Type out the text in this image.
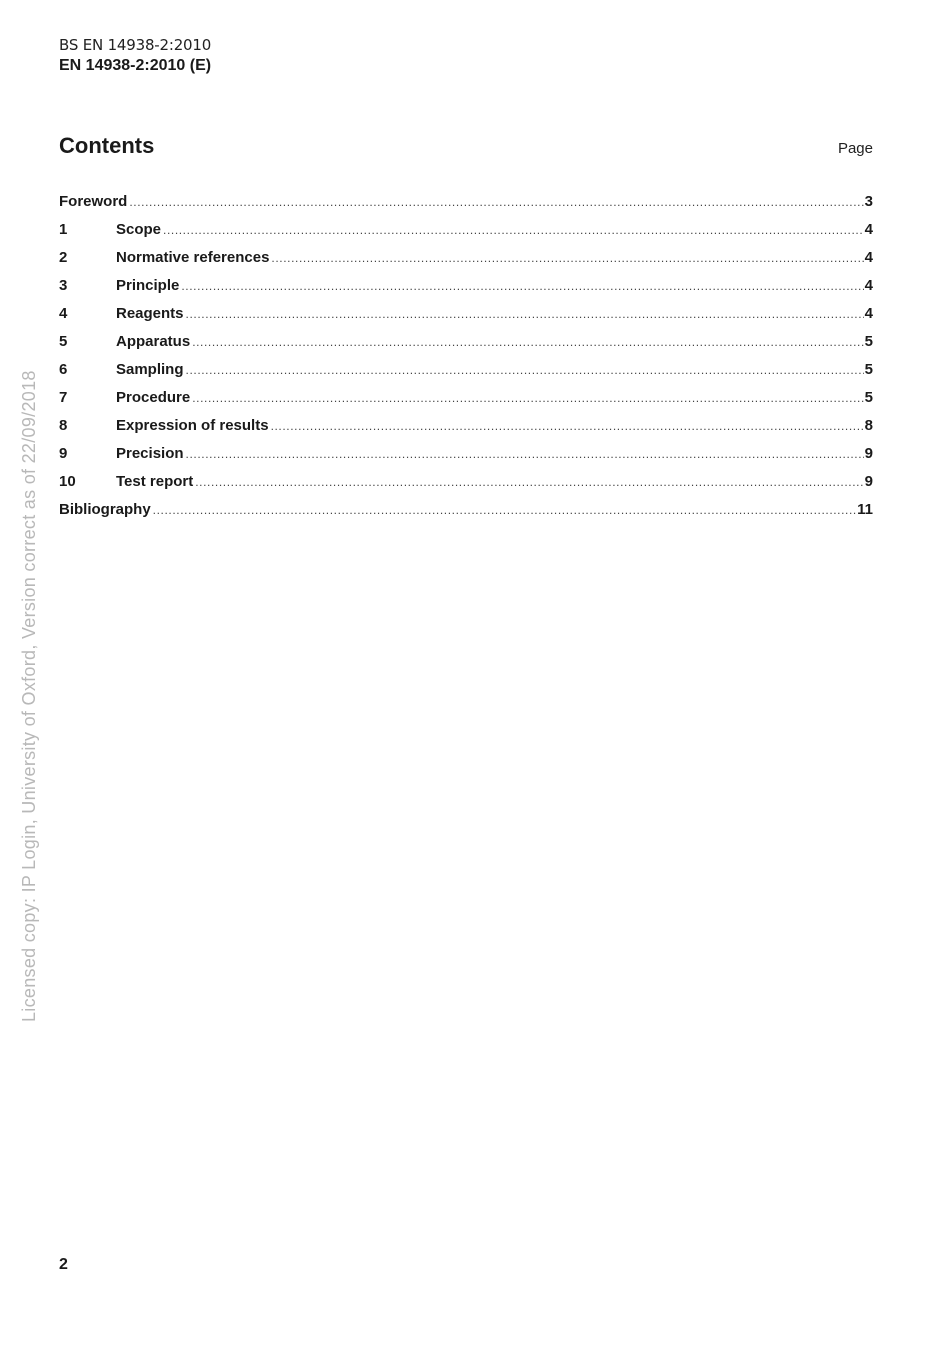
BS EN 14938-2:2010
EN 14938-2:2010 (E)
Contents	Page
Foreword .....	3
1	Scope .....	4
2	Normative references .....	4
3	Principle .....	4
4	Reagents .....	4
5	Apparatus .....	5
6	Sampling .....	5
7	Procedure .....	5
8	Expression of results .....	8
9	Precision .....	9
10	Test report .....	9
Bibliography .....	11
Licensed copy: IP Login, University of Oxford, Version correct as of 22/09/2018
2
